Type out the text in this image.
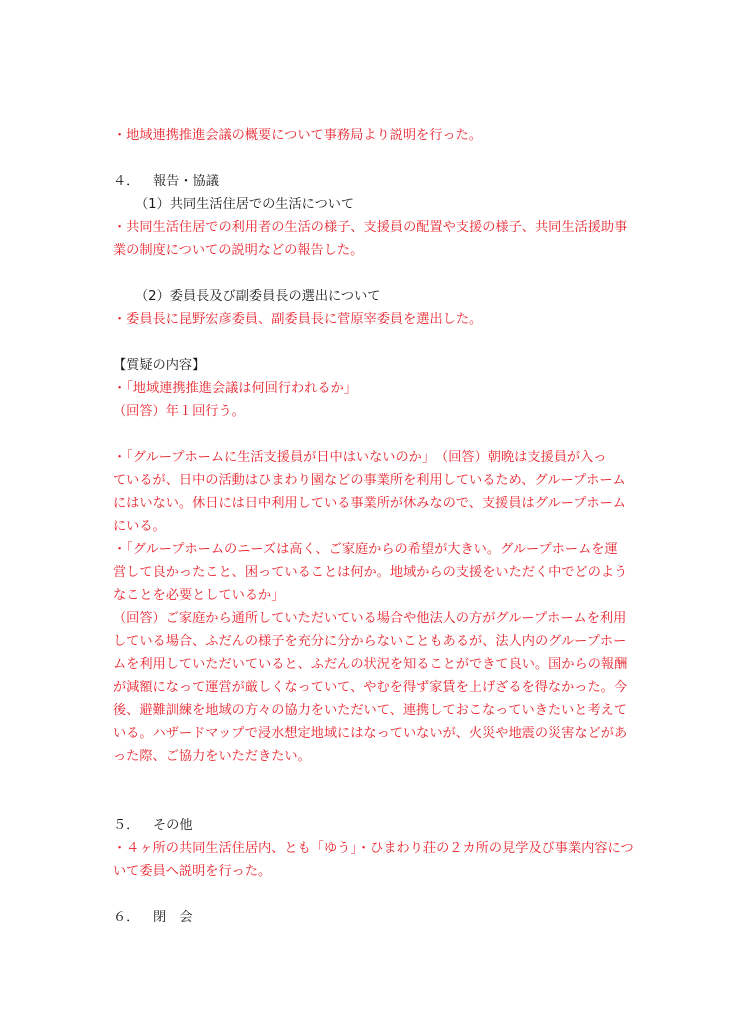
・地域連携推進会議の概要について事務局より説明を行った。
４． 報告・協議
（1）共同生活住居での生活について
・共同生活住居での利用者の生活の様子、支援員の配置や支援の様子、共同生活援助事
業の制度についての説明などの報告した。
（2）委員長及び副委員長の選出について
・委員長に昆野宏彦委員、副委員長に菅原宰委員を選出した。
【質疑の内容】
・「地域連携推進会議は何回行われるか」
（回答）年１回行う。
・「グループホームに生活支援員が日中はいないのか」　（回答）朝晩は支援員が入っ
ているが、日中の活動はひまわり園などの事業所を利用しているため、グループホーム
にはいない。休日には日中利用している事業所が休みなので、支援員はグループホーム
にいる。
・「グループホームのニーズは高く、ご家庭からの希望が大きい。グループホームを運
営して良かったこと、困っていることは何か。地域からの支援をいただく中でどのよう
なことを必要としているか」
（回答）ご家庭から通所していただいている場合や他法人の方がグループホームを利用
している場合、ふだんの様子を充分に分からないこともあるが、法人内のグループホー
ムを利用していただいていると、ふだんの状況を知ることができて良い。国からの報酬
が減額になって運営が厳しくなっていて、やむを得ず家賃を上げざるを得なかった。今
後、避難訓練を地域の方々の協力をいただいて、連携しておこなっていきたいと考えて
いる。ハザードマップで浸水想定地域にはなっていないが、火災や地震の災害などがあ
った際、ご協力をいただきたい。
５． その他
・４ヶ所の共同生活住居内、とも「ゆう」・ひまわり荘の２カ所の見学及び事業内容につ
いて委員へ説明を行った。
６． 閉　会
